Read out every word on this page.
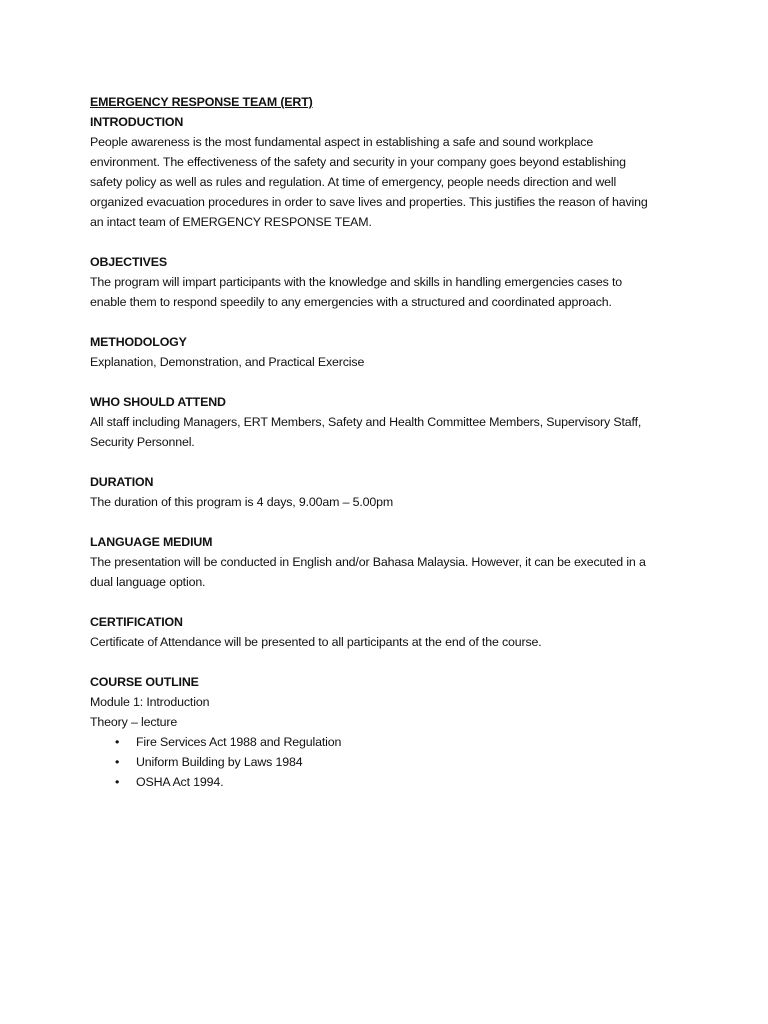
EMERGENCY RESPONSE TEAM (ERT)
INTRODUCTION
People awareness is the most fundamental aspect in establishing a safe and sound workplace
environment. The effectiveness of the safety and security in your company goes beyond establishing
safety policy as well as rules and regulation. At time of emergency, people needs direction and well
organized evacuation procedures in order to save lives and properties. This justifies the reason of having
an intact team of EMERGENCY RESPONSE TEAM.
OBJECTIVES
The program will impart participants with the knowledge and skills in handling emergencies cases to
enable them to respond speedily to any emergencies with a structured and coordinated approach.
METHODOLOGY
Explanation, Demonstration, and Practical Exercise
WHO SHOULD ATTEND
All staff including Managers, ERT Members, Safety and Health Committee Members, Supervisory Staff,
Security Personnel.
DURATION
The duration of this program is 4 days, 9.00am – 5.00pm
LANGUAGE MEDIUM
The presentation will be conducted in English and/or Bahasa Malaysia. However, it can be executed in a
dual language option.
CERTIFICATION
Certificate of Attendance will be presented to all participants at the end of the course.
COURSE OUTLINE
Module 1: Introduction
Theory – lecture
• Fire Services Act 1988 and Regulation
• Uniform Building by Laws 1984
• OSHA Act 1994.
